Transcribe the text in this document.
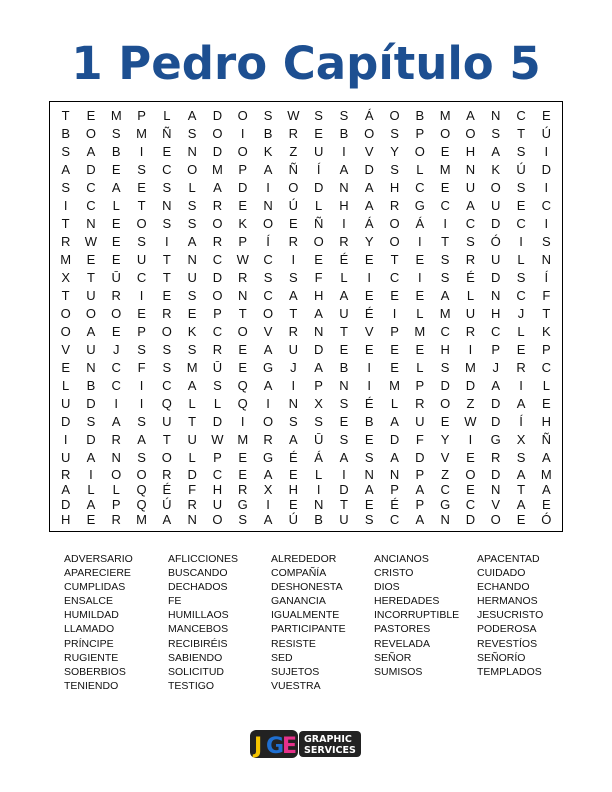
1 Pedro Capítulo 5
T	E	M	P	L	A	D	O	S	W	S	S	Á	O	B	M	A	N	C	E
B	O	S	M	Ñ	S	O	I	B	R	E	B	O	S	P	O	O	S	T	Ú
S	A	B	I	E	N	D	O	K	Z	U	I	V	Y	O	E	H	A	S	I
A	D	E	S	C	O	M	P	A	Ñ	Í	A	D	S	L	M	N	K	Ú	D
S	C	A	E	S	L	A	D	I	O	D	N	A	H	C	E	U	O	S	I
I	C	L	T	N	S	R	E	N	Ú	L	H	A	R	G	C	A	U	E	C
T	N	E	O	S	S	O	K	O	E	Ñ	I	Á	O	Á	I	C	D	C	I
R	W	E	S	I	A	R	P	Í	R	O	R	Y	O	I	T	S	Ó	I	S
M	E	E	U	T	N	C	W	C	I	E	É	E	T	E	S	R	U	L	N
X	T	Ū	C	T	U	D	R	S	S	F	L	I	C	I	S	É	D	S	Í
T	U	R	I	E	S	O	N	C	A	H	A	E	E	E	A	L	N	C	F
O	O	O	E	R	E	P	T	O	T	A	U	É	I	L	M	U	H	J	T
O	A	E	P	O	K	C	O	V	R	N	T	V	P	M	C	R	C	L	K
V	U	J	S	S	S	R	E	A	U	D	E	E	E	E	H	I	P	E	P
E	N	C	F	S	M	Ū	E	G	J	A	B	I	E	L	S	M	J	R	C
L	B	C	I	C	A	S	Q	A	I	P	N	I	M	P	D	D	A	I	L
U	D	I	I	Q	L	L	Q	I	N	X	S	É	L	R	O	Z	D	A	E
D	S	A	S	U	T	D	I	O	S	S	E	B	A	U	E	W	D	Í	H
I	D	R	A	T	U	W	M	R	A	Ū	S	E	D	F	Y	I	G	X	Ñ
U	A	N	S	O	L	P	E	G	É	Á	A	S	A	D	V	E	R	S	A
R	I	O	O	R	D	C	E	A	E	L	I	N	N	P	Z	O	D	A	M
A	L	L	Q	É	F	H	R	X	H	I	D	A	P	A	C	E	N	T	A
D	A	P	Q	Ú	R	U	G	I	E	N	T	E	É	P	G	C	V	A	E
H	E	R	M	A	N	O	S	A	Ú	B	U	S	C	A	N	D	O	E	Ó
ADVERSARIO	AFLICCIONES	ALREDEDOR	ANCIANOS	APACENTAD
APARECIERE	BUSCANDO	COMPAÑÍA	CRISTO	CUIDADO
CUMPLIDAS	DECHADOS	DESHONESTA	DIOS	ECHANDO
ENSALCE	FE	GANANCIA	HEREDADES	HERMANOS
HUMILDAD	HUMILLAOS	IGUALMENTE	INCORRUPTIBLE	JESUCRISTO
LLAMADO	MANCEBOS	PARTICIPANTE	PASTORES	PODEROSA
PRÍNCIPE	RECIBIRÉIS	RESISTE	REVELADA	REVESTÍOS
RUGIENTE	SABIENDO	SED	SEÑOR	SEÑORÍO
SOBERBIOS	SOLICITUD	SUJETOS	SUMISOS	TEMPLADOS
TENIENDO	TESTIGO	VUESTRA
J G
E GRAPHIC
SERVICES
